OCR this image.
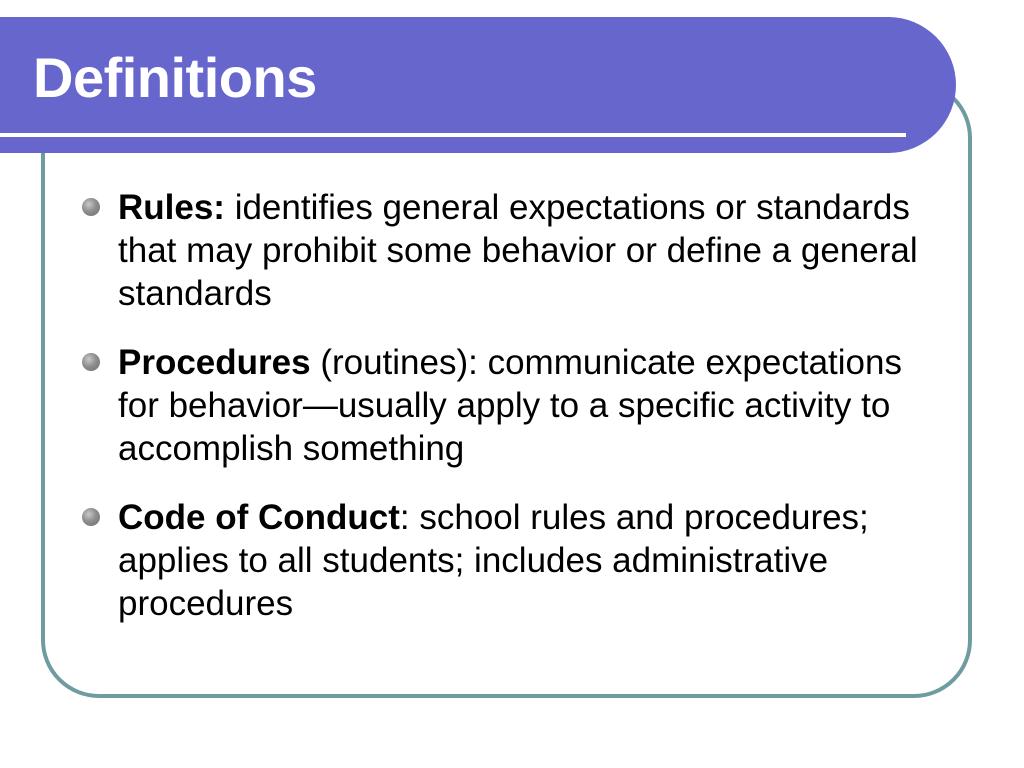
Definitions
Rules: identifies general expectations or standards that may prohibit some behavior or define a general standards
Procedures (routines): communicate expectations for behavior—usually apply to a specific activity to accomplish something
Code of Conduct: school rules and procedures; applies to all students; includes administrative procedures
